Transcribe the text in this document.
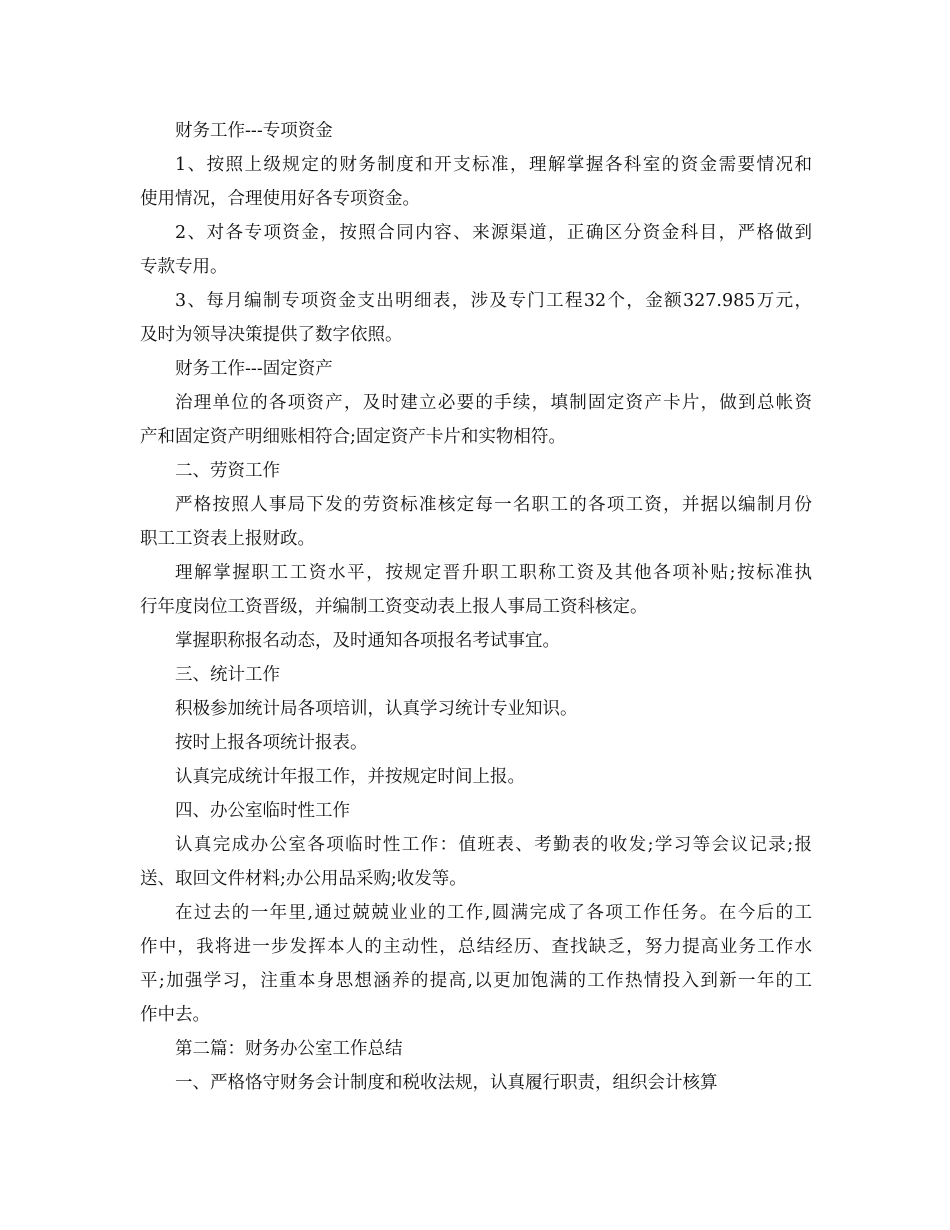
财务工作---专项资金
1、按照上级规定的财务制度和开支标准，理解掌握各科室的资金需要情况和
使用情况，合理使用好各专项资金。
2、对各专项资金，按照合同内容、来源渠道，正确区分资金科目，严格做到
专款专用。
3、每月编制专项资金支出明细表，涉及专门工程32个，金额327.985万元，
及时为领导决策提供了数字依照。
财务工作---固定资产
治理单位的各项资产，及时建立必要的手续，填制固定资产卡片，做到总帐资
产和固定资产明细账相符合;固定资产卡片和实物相符。
二、劳资工作
严格按照人事局下发的劳资标准核定每一名职工的各项工资，并据以编制月份
职工工资表上报财政。
理解掌握职工工资水平，按规定晋升职工职称工资及其他各项补贴;按标准执
行年度岗位工资晋级，并编制工资变动表上报人事局工资科核定。
掌握职称报名动态，及时通知各项报名考试事宜。
三、统计工作
积极参加统计局各项培训，认真学习统计专业知识。
按时上报各项统计报表。
认真完成统计年报工作，并按规定时间上报。
四、办公室临时性工作
认真完成办公室各项临时性工作：值班表、考勤表的收发;学习等会议记录;报
送、取回文件材料;办公用品采购;收发等。
在过去的一年里,通过兢兢业业的工作,圆满完成了各项工作任务。在今后的工
作中，我将进一步发挥本人的主动性，总结经历、查找缺乏，努力提高业务工作水
平;加强学习，注重本身思想涵养的提高,以更加饱满的工作热情投入到新一年的工
作中去。
第二篇：财务办公室工作总结
一、严格恪守财务会计制度和税收法规，认真履行职责，组织会计核算
